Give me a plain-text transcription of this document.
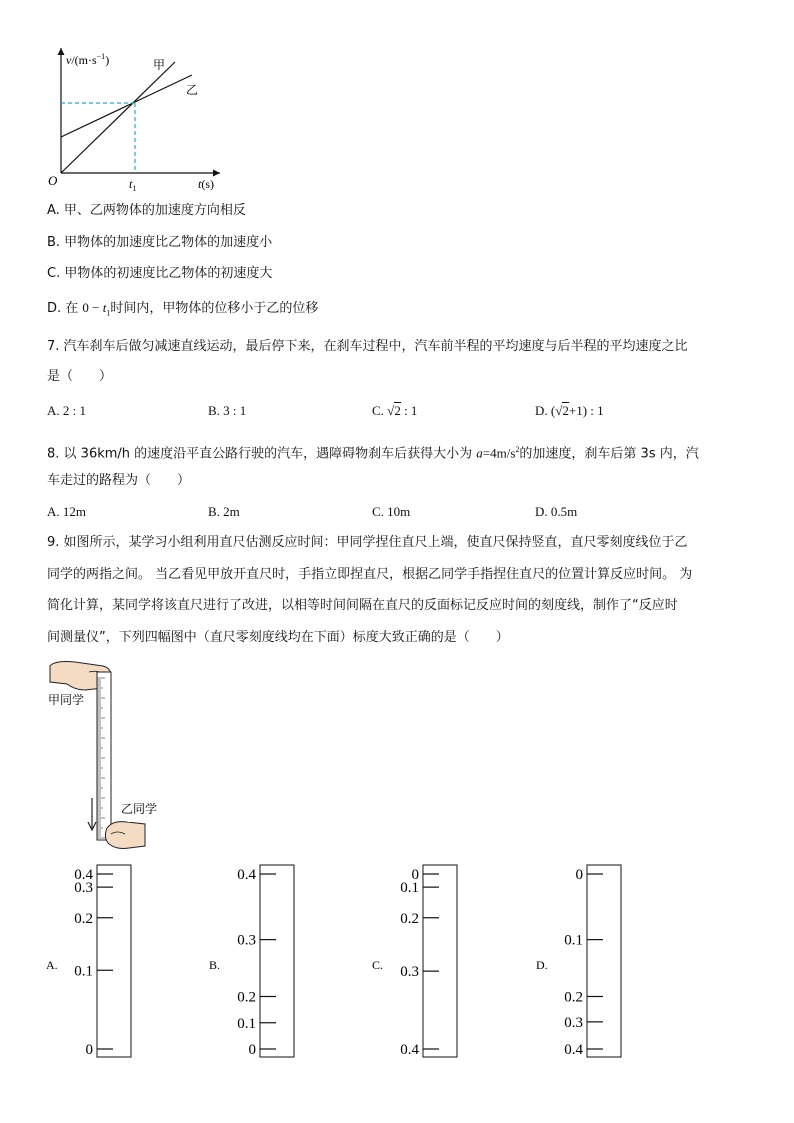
$v/(m\cdot s^{-1})$	甲
乙
O	$t_1$	t(s)
A. 甲、乙两物体的加速度方向相反
B. 甲物体的加速度比乙物体的加速度小
C. 甲物体的初速度比乙物体的初速度大
D. 在 $0 - t_1$时间内，甲物体的位移小于乙的位移
7. 汽车刹车后做匀减速直线运动，最后停下来，在刹车过程中，汽车前半程的平均速度与后半程的平均速度之比
是（　　）
A. 2 : 1	B. 3 : 1	C. √2 : 1	D. (√2+1) : 1
8. 以 36km/h 的速度沿平直公路行驶的汽车，遇障碍物刹车后获得大小为 $a=4m/s^2$的加速度，刹车后第 3s 内，汽
车走过的路程为（　　）
A. 12m	B. 2m	C. 10m	D. 0.5m
9. 如图所示，某学习小组利用直尺估测反应时间：甲同学捏住直尺上端，使直尺保持竖直，直尺零刻度线位于乙
同学的两指之间。 当乙看见甲放开直尺时，手指立即捏直尺，根据乙同学手指捏住直尺的位置计算反应时间。 为
简化计算，某同学将该直尺进行了改进，以相等时间间隔在直尺的反面标记反应时间的刻度线，制作了“反应时
间测量仪”，下列四幅图中（直尺零刻度线均在下面）标度大致正确的是（　　）
甲同学
乙同学
A.
0.4
0.3
0.2
0.1
0
B.
0.4
0.3
0.2
0.1
0
C.
0
0.1
0.2
0.3
0.4
D.
0
0.1
0.2
0.3
0.4
